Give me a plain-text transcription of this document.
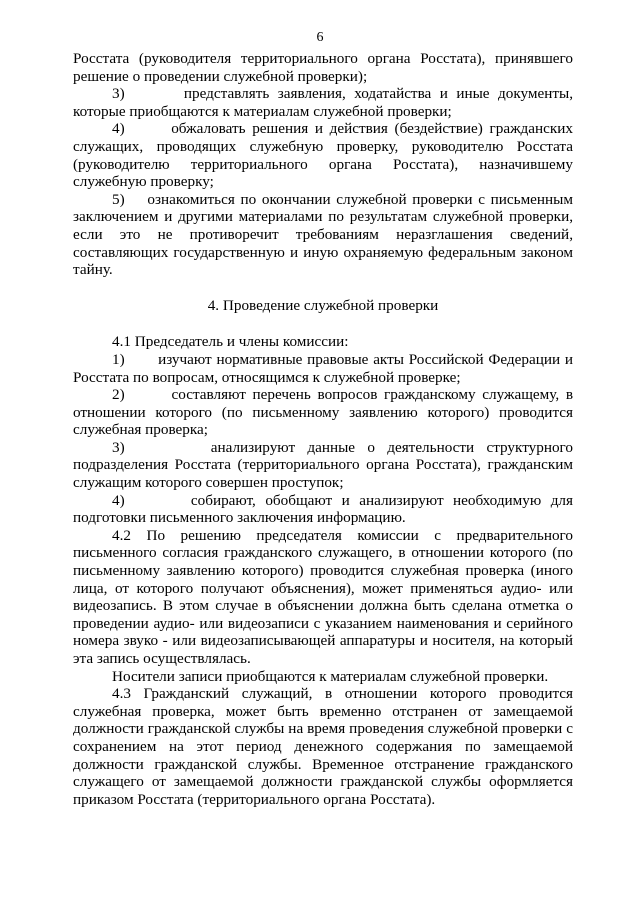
6

Росстата (руководителя территориального органа Росстата), принявшего решение о проведении служебной проверки);

3)       представлять заявления, ходатайства и иные документы, которые приобщаются к материалам служебной проверки;

4)       обжаловать решения и действия (бездействие) гражданских служащих, проводящих служебную проверку, руководителю Росстата (руководителю территориального органа Росстата), назначившему служебную проверку;

5)    ознакомиться по окончании служебной проверки с письменным заключением и другими материалами по результатам служебной проверки, если это не противоречит требованиям неразглашения сведений, составляющих государственную и иную охраняемую федеральным законом тайну.

4. Проведение служебной проверки

4.1 Председатель и члены комиссии:

1)       изучают нормативные правовые акты Российской Федерации и Росстата по вопросам, относящимся к служебной проверке;

2)       составляют перечень вопросов гражданскому служащему, в отношении которого (по письменному заявлению которого) проводится служебная проверка;

3)       анализируют данные о деятельности структурного подразделения Росстата (территориального органа Росстата), гражданским служащим которого совершен проступок;

4)       собирают, обобщают и анализируют необходимую для подготовки письменного заключения информацию.

4.2 По решению председателя комиссии с предварительного письменного согласия гражданского служащего, в отношении которого (по письменному заявлению которого) проводится служебная проверка (иного лица, от которого получают объяснения), может применяться аудио- или видеозапись. В этом случае в объяснении должна быть сделана отметка о проведении аудио- или видеозаписи с указанием наименования и серийного номера звуко - или видеозаписывающей аппаратуры и носителя, на который эта запись осуществлялась.

Носители записи приобщаются к материалам служебной проверки.

4.3 Гражданский служащий, в отношении которого проводится служебная проверка, может быть временно отстранен от замещаемой должности гражданской службы на время проведения служебной проверки с сохранением на этот период денежного содержания по замещаемой должности гражданской службы. Временное отстранение гражданского служащего от замещаемой должности гражданской службы оформляется приказом Росстата (территориального органа Росстата).
